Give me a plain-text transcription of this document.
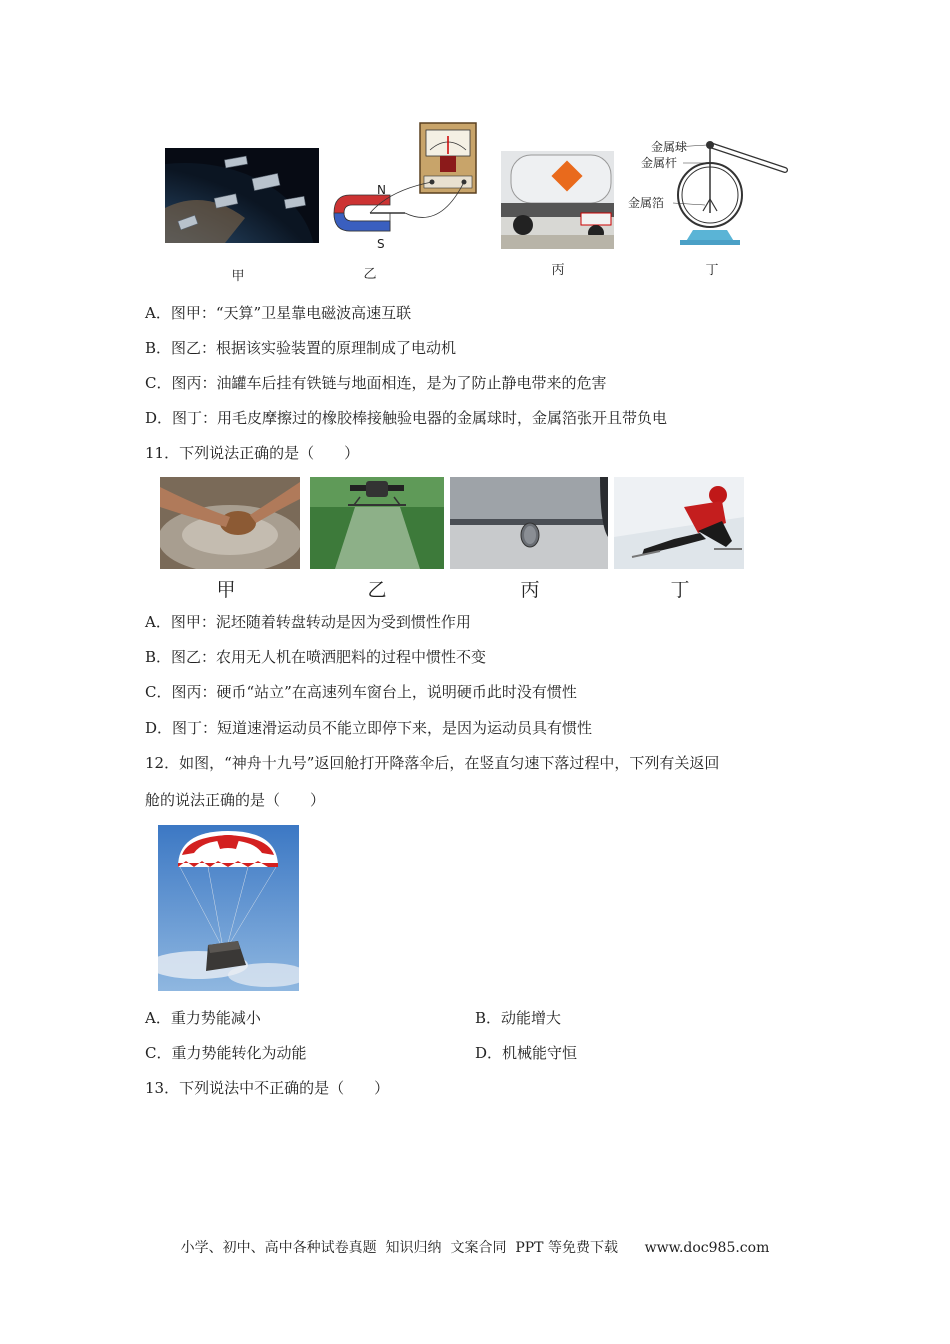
甲
N
S
乙	丙
金属球
金属杆
金属箔
丁
A．图甲：“天算”卫星靠电磁波高速互联
B．图乙：根据该实验装置的原理制成了电动机
C．图丙：油罐车后挂有铁链与地面相连，是为了防止静电带来的危害
D．图丁：用毛皮摩擦过的橡胶棒接触验电器的金属球时，金属箔张开且带负电
11．下列说法正确的是（　　）
甲	乙	丙	丁
A．图甲：泥坯随着转盘转动是因为受到惯性作用
B．图乙：农用无人机在喷洒肥料的过程中惯性不变
C．图丙：硬币“站立”在高速列车窗台上，说明硬币此时没有惯性
D．图丁：短道速滑运动员不能立即停下来，是因为运动员具有惯性
12．如图，“神舟十九号”返回舱打开降落伞后，在竖直匀速下落过程中，下列有关返回
舱的说法正确的是（　　）
A．重力势能减小	B．动能增大
C．重力势能转化为动能	D．机械能守恒
13．下列说法中不正确的是（　　）
小学、初中、高中各种试卷真题  知识归纳  文案合同  PPT 等免费下载      www.doc985.com
